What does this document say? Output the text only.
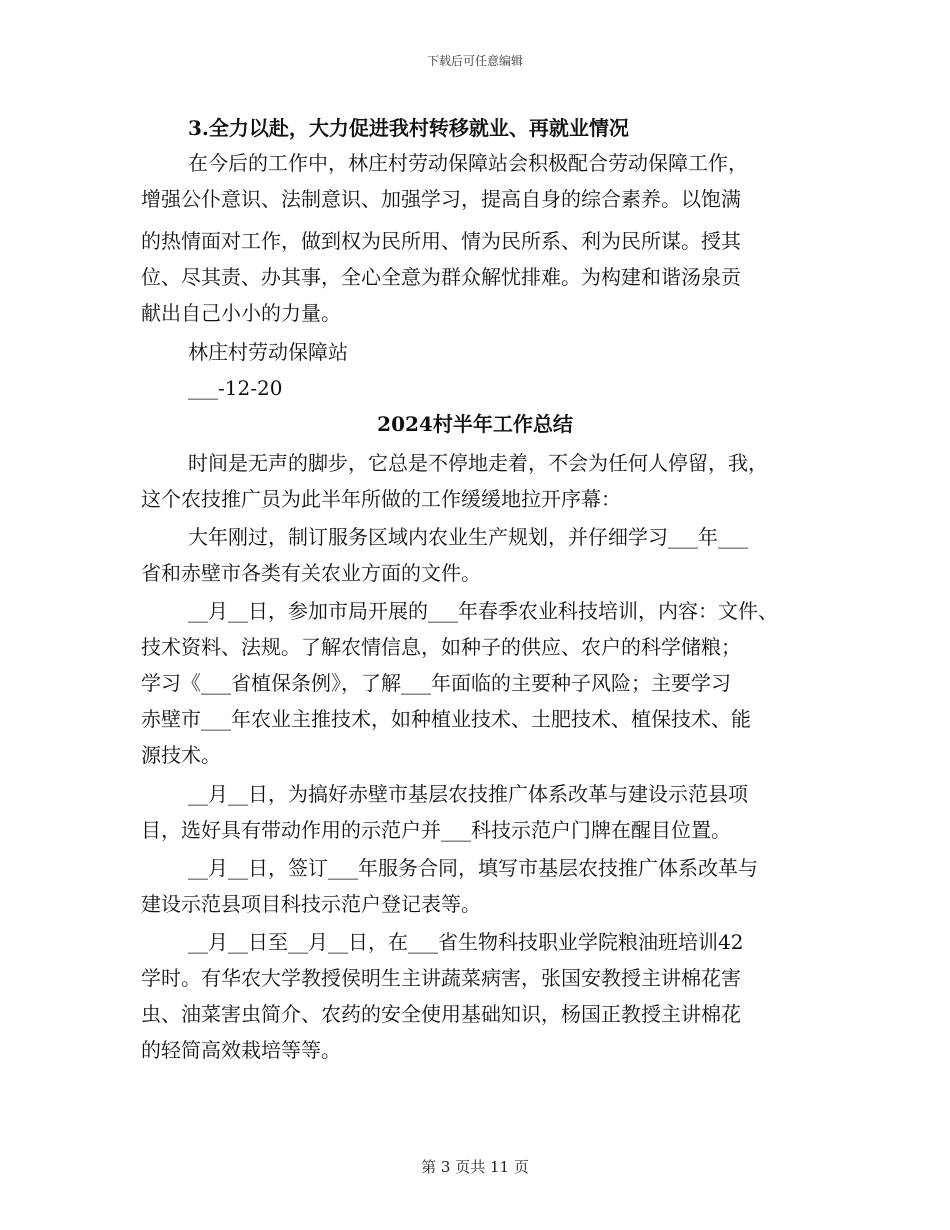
下载后可任意编辑
3.全力以赴，大力促进我村转移就业、再就业情况
在今后的工作中，林庄村劳动保障站会积极配合劳动保障工作，
增强公仆意识、法制意识、加强学习，提高自身的综合素养。以饱满
的热情面对工作，做到权为民所用、情为民所系、利为民所谋。授其
位、尽其责、办其事，全心全意为群众解忧排难。为构建和谐汤泉贡
献出自己小小的力量。
林庄村劳动保障站
___-12-20
2024村半年工作总结
时间是无声的脚步，它总是不停地走着，不会为任何人停留，我，
这个农技推广员为此半年所做的工作缓缓地拉开序幕：
大年刚过，制订服务区域内农业生产规划，并仔细学习___年___
省和赤壁市各类有关农业方面的文件。
__月__日，参加市局开展的___年春季农业科技培训，内容：文件、
技术资料、法规。了解农情信息，如种子的供应、农户的科学储粮；
学习《___省植保条例》，了解___年面临的主要种子风险；主要学习
赤壁市___年农业主推技术，如种植业技术、土肥技术、植保技术、能
源技术。
__月__日，为搞好赤壁市基层农技推广体系改革与建设示范县项
目，选好具有带动作用的示范户并___科技示范户门牌在醒目位置。
__月__日，签订___年服务合同，填写市基层农技推广体系改革与
建设示范县项目科技示范户登记表等。
__月__日至__月__日，在___省生物科技职业学院粮油班培训42
学时。有华农大学教授侯明生主讲蔬菜病害，张国安教授主讲棉花害
虫、油菜害虫简介、农药的安全使用基础知识，杨国正教授主讲棉花
的轻简高效栽培等等。
第 3 页共 11 页
